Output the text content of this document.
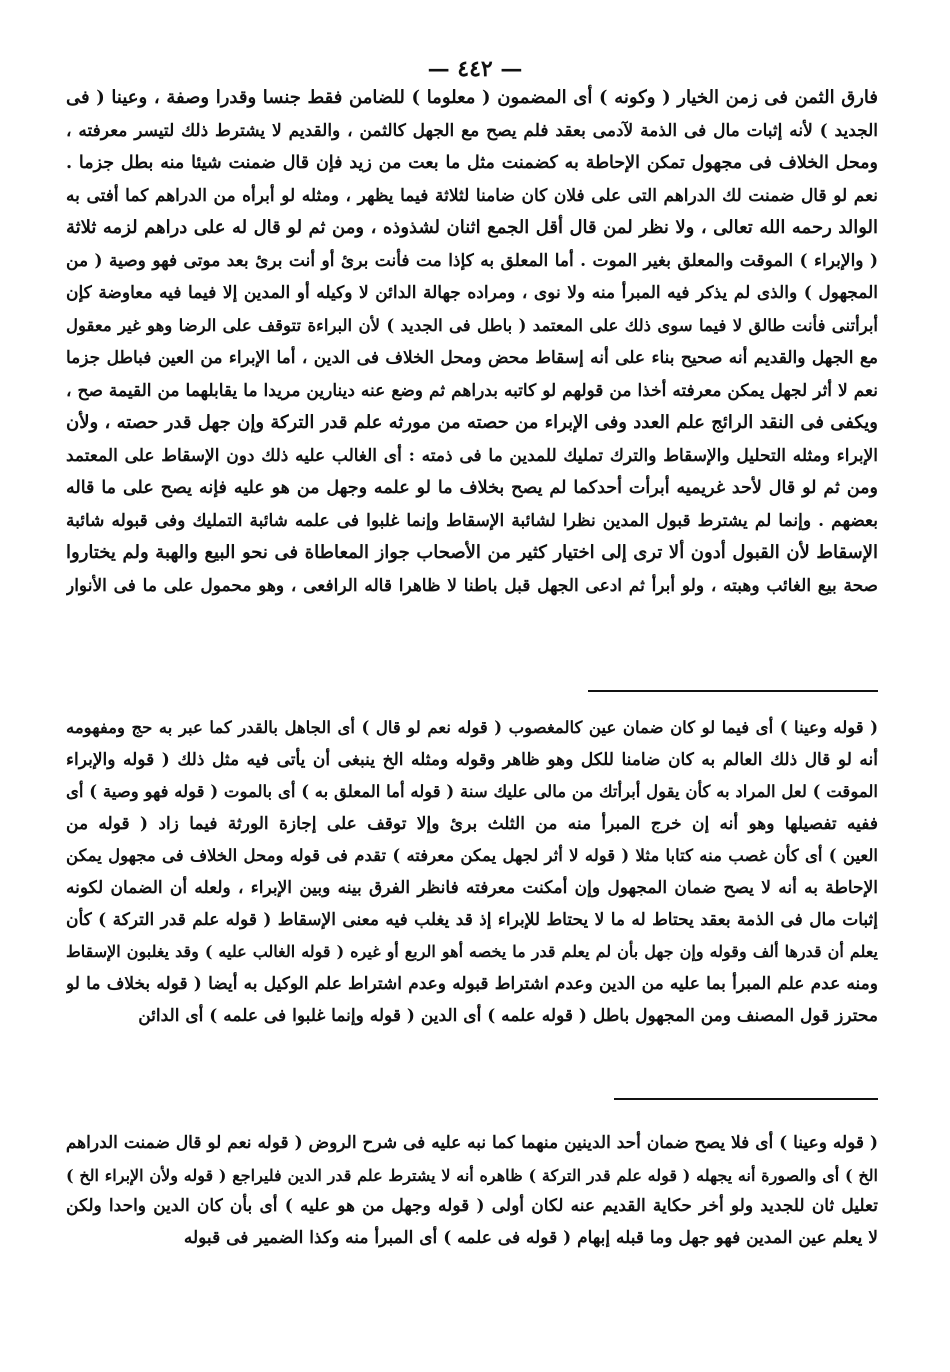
— ٤٤٢ —
فارق الثمن فى زمن الخيار ( وكونه ) أى المضمون ( معلوما ) للضامن فقط جنسا وقدرا وصفة ، وعينا ( فى
الجديد ) لأنه إثبات مال فى الذمة لآدمى بعقد فلم يصح مع الجهل كالثمن ، والقديم لا يشترط ذلك لتيسر معرفته ،
ومحل الخلاف فى مجهول تمكن الإحاطة به كضمنت مثل ما بعت من زيد فإن قال ضمنت شيئا منه بطل جزما .
نعم لو قال ضمنت لك الدراهم التى على فلان كان ضامنا لثلاثة فيما يظهر ، ومثله لو أبرأه من الدراهم كما أفتى به
الوالد رحمه الله تعالى ، ولا نظر لمن قال أقل الجمع اثنان لشذوذه ، ومن ثم لو قال له على دراهم لزمه ثلاثة
( والإبراء ) الموقت والمعلق بغير الموت . أما المعلق به كإذا مت فأنت برئ أو أنت برئ بعد موتى فهو وصية ( من
المجهول ) والذى لم يذكر فيه المبرأ منه ولا نوى ، ومراده جهالة الدائن لا وكيله أو المدين إلا فيما فيه معاوضة كإن
أبرأتنى فأنت طالق لا فيما سوى ذلك على المعتمد ( باطل فى الجديد ) لأن البراءة تتوقف على الرضا وهو غير معقول
مع الجهل والقديم أنه صحيح بناء على أنه إسقاط محض ومحل الخلاف فى الدين ، أما الإبراء من العين فباطل جزما
نعم لا أثر لجهل يمكن معرفته أخذا من قولهم لو كاتبه بدراهم ثم وضع عنه دينارين مريدا ما يقابلهما من القيمة صح ،
ويكفى فى النقد الرائج علم العدد وفى الإبراء من حصته من مورثه علم قدر التركة وإن جهل قدر حصته ، ولأن
الإبراء ومثله التحليل والإسقاط والترك تمليك للمدين ما فى ذمته : أى الغالب عليه ذلك دون الإسقاط على المعتمد
ومن ثم لو قال لأحد غريميه أبرأت أحدكما لم يصح بخلاف ما لو علمه وجهل من هو عليه فإنه يصح على ما قاله
بعضهم . وإنما لم يشترط قبول المدين نظرا لشائبة الإسقاط وإنما غلبوا فى علمه شائبة التمليك وفى قبوله شائبة
الإسقاط لأن القبول أدون ألا ترى إلى اختيار كثير من الأصحاب جواز المعاطاة فى نحو البيع والهبة ولم يختاروا
صحة بيع الغائب وهبته ، ولو أبرأ ثم ادعى الجهل قبل باطنا لا ظاهرا قاله الرافعى ، وهو محمول على ما فى الأنوار
( قوله وعينا ) أى فيما لو كان ضمان عين كالمغصوب ( قوله نعم لو قال ) أى الجاهل بالقدر كما عبر به حج ومفهومه
أنه لو قال ذلك العالم به كان ضامنا للكل وهو ظاهر وقوله ومثله الخ ينبغى أن يأتى فيه مثل ذلك ( قوله والإبراء
الموقت ) لعل المراد به كأن يقول أبرأتك من مالى عليك سنة ( قوله أما المعلق به ) أى بالموت ( قوله فهو وصية ) أى
ففيه تفصيلها وهو أنه إن خرج المبرأ منه من الثلث برئ وإلا توقف على إجازة الورثة فيما زاد ( قوله من
العين ) أى كأن غصب منه كتابا مثلا ( قوله لا أثر لجهل يمكن معرفته ) تقدم فى قوله ومحل الخلاف فى مجهول يمكن
الإحاطة به أنه لا يصح ضمان المجهول وإن أمكنت معرفته فانظر الفرق بينه وبين الإبراء ، ولعله أن الضمان لكونه
إثبات مال فى الذمة بعقد يحتاط له ما لا يحتاط للإبراء إذ قد يغلب فيه معنى الإسقاط ( قوله علم قدر التركة ) كأن
يعلم أن قدرها ألف وقوله وإن جهل بأن لم يعلم قدر ما يخصه أهو الربع أو غيره ( قوله الغالب عليه ) وقد يغلبون الإسقاط
ومنه عدم علم المبرأ بما عليه من الدين وعدم اشتراط قبوله وعدم اشتراط علم الوكيل به أيضا ( قوله بخلاف ما لو
محترز قول المصنف ومن المجهول باطل ( قوله علمه ) أى الدين ( قوله وإنما غلبوا فى علمه ) أى الدائن
( قوله وعينا ) أى فلا يصح ضمان أحد الدينين منهما كما نبه عليه فى شرح الروض ( قوله نعم لو قال ضمنت الدراهم
الخ ) أى والصورة أنه يجهله ( قوله علم قدر التركة ) ظاهره أنه لا يشترط علم قدر الدين فليراجع ( قوله ولأن الإبراء الخ )
تعليل ثان للجديد ولو أخر حكاية القديم عنه لكان أولى ( قوله وجهل من هو عليه ) أى بأن كان الدين واحدا ولكن
لا يعلم عين المدين فهو جهل وما قبله إبهام ( قوله فى علمه ) أى المبرأ منه وكذا الضمير فى قبوله
